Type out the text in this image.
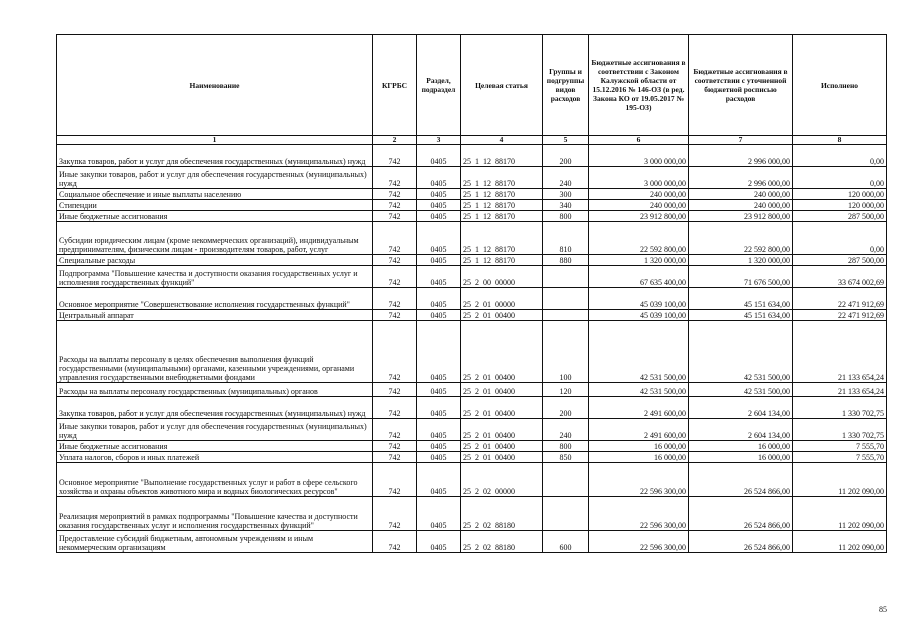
Наименование	КГРБС	Раздел, подраздел	Целевая статья	Группы и подгруппы видов расходов	Бюджетные ассигнования в соответствии с Законом Калужской области от 15.12.2016 № 146-ОЗ (в ред. Закона КО от 19.05.2017 № 195-ОЗ)	Бюджетные ассигнования в соответствии с уточненной бюджетной росписью расходов	Исполнено
1	2	3	4	5	6	7	8
Закупка товаров, работ и услуг для обеспечения государственных (муниципальных) нужд	742	0405	25  1  12  88170	200	3 000 000,00	2 996 000,00	0,00
Иные закупки товаров, работ и услуг для обеспечения государственных (муниципальных) нужд	742	0405	25  1  12  88170	240	3 000 000,00	2 996 000,00	0,00
Социальное обеспечение и иные выплаты населению	742	0405	25  1  12  88170	300	240 000,00	240 000,00	120 000,00
Стипендии	742	0405	25  1  12  88170	340	240 000,00	240 000,00	120 000,00
Иные бюджетные ассигнования	742	0405	25  1  12  88170	800	23 912 800,00	23 912 800,00	287 500,00
Субсидии юридическим лицам (кроме некоммерческих организаций), индивидуальным предпринимателям, физическим лицам - производителям товаров, работ, услуг	742	0405	25  1  12  88170	810	22 592 800,00	22 592 800,00	0,00
Специальные расходы	742	0405	25  1  12  88170	880	1 320 000,00	1 320 000,00	287 500,00
Подпрограмма "Повышение качества и доступности оказания государственных услуг и исполнения государственных функций"	742	0405	25  2  00  00000		67 635 400,00	71 676 500,00	33 674 002,69
Основное мероприятие "Совершенствование исполнения государственных функций"	742	0405	25  2  01  00000		45 039 100,00	45 151 634,00	22 471 912,69
Центральный аппарат	742	0405	25  2  01  00400		45 039 100,00	45 151 634,00	22 471 912,69
Расходы на выплаты персоналу в целях обеспечения выполнения функций государственными (муниципальными) органами, казенными учреждениями, органами управления государственными внебюджетными фондами	742	0405	25  2  01  00400	100	42 531 500,00	42 531 500,00	21 133 654,24
Расходы на выплаты персоналу государственных (муниципальных) органов	742	0405	25  2  01  00400	120	42 531 500,00	42 531 500,00	21 133 654,24
Закупка товаров, работ и услуг для обеспечения государственных (муниципальных) нужд	742	0405	25  2  01  00400	200	2 491 600,00	2 604 134,00	1 330 702,75
Иные закупки товаров, работ и услуг для обеспечения государственных (муниципальных) нужд	742	0405	25  2  01  00400	240	2 491 600,00	2 604 134,00	1 330 702,75
Иные бюджетные ассигнования	742	0405	25  2  01  00400	800	16 000,00	16 000,00	7 555,70
Уплата налогов, сборов и иных платежей	742	0405	25  2  01  00400	850	16 000,00	16 000,00	7 555,70
Основное мероприятие "Выполнение государственных услуг и работ в сфере сельского хозяйства и охраны объектов животного мира и водных биологических ресурсов"	742	0405	25  2  02  00000		22 596 300,00	26 524 866,00	11 202 090,00
Реализация мероприятий в рамках подпрограммы "Повышение качества и доступности оказания государственных услуг и исполнения государственных функций"	742	0405	25  2  02  88180		22 596 300,00	26 524 866,00	11 202 090,00
Предоставление субсидий бюджетным, автономным учреждениям и иным некоммерческим организациям	742	0405	25  2  02  88180	600	22 596 300,00	26 524 866,00	11 202 090,00
85
